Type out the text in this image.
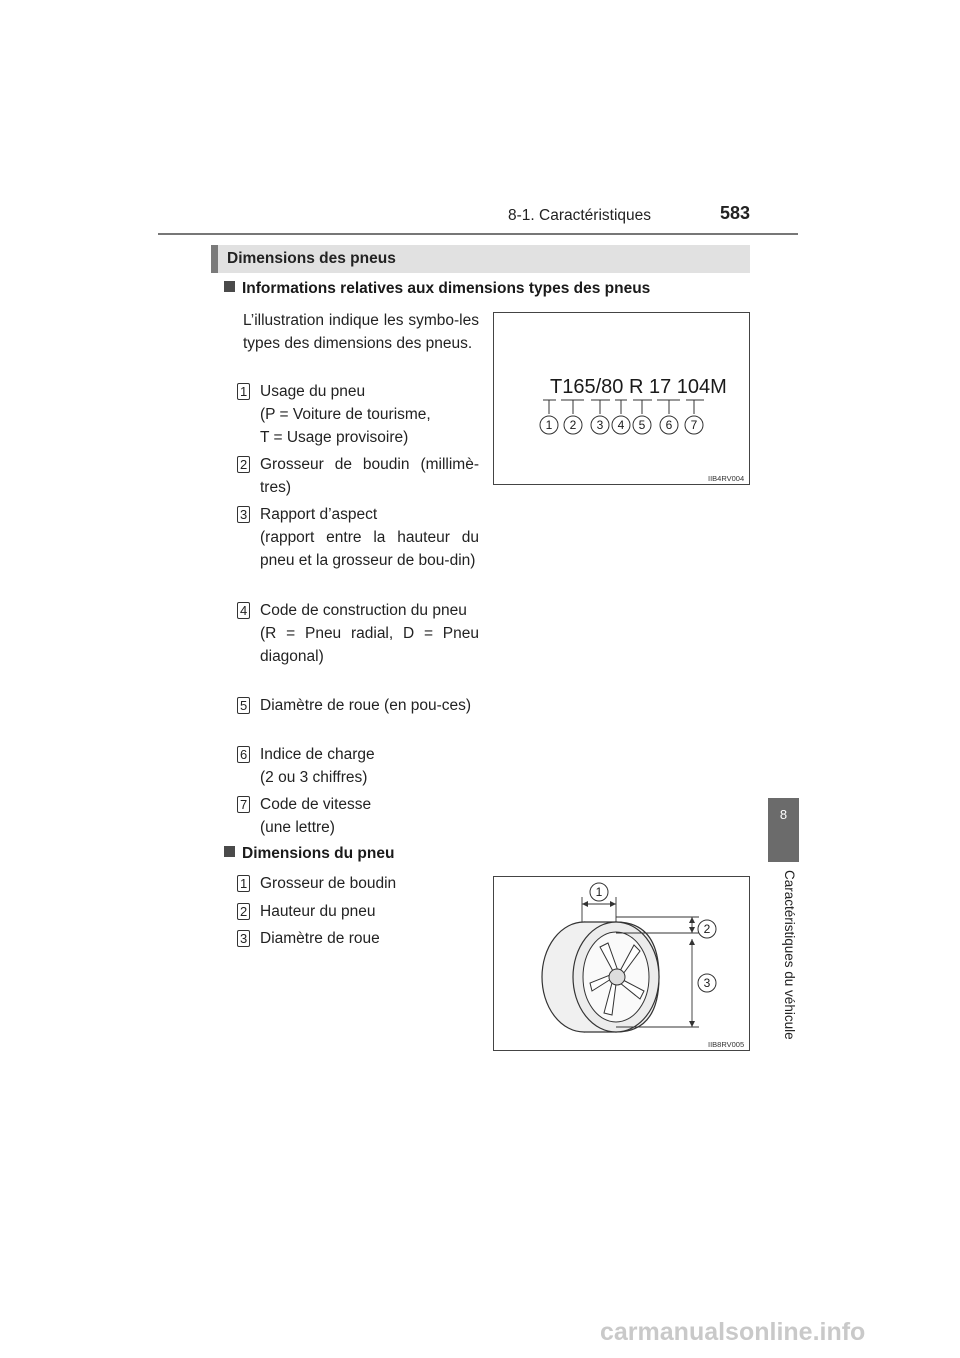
8-1. Caractéristiques	583
8
Caractéristiques du véhicule
Dimensions des pneus
Informations relatives aux dimensions types des pneus
L’illustration indique les symbo-les types des dimensions des pneus.
1 Usage du pneu
(P = Voiture de tourisme,
T = Usage provisoire)
2 Grosseur de boudin (millimè-tres)
3 Rapport d’aspect
(rapport entre la hauteur du pneu et la grosseur de bou-din)
4 Code de construction du pneu
(R = Pneu radial, D = Pneu diagonal)
5 Diamètre de roue (en pou-ces)
6 Indice de charge
(2 ou 3 chiffres)
7 Code de vitesse
(une lettre)
Dimensions du pneu
1 Grosseur de boudin
2 Hauteur du pneu
3 Diamètre de roue
T165/80 R 17 104M
1 2 3 4 5 6 7
IIB4RV004
1
2
3
IIB8RV005
carmanualsonline.info
